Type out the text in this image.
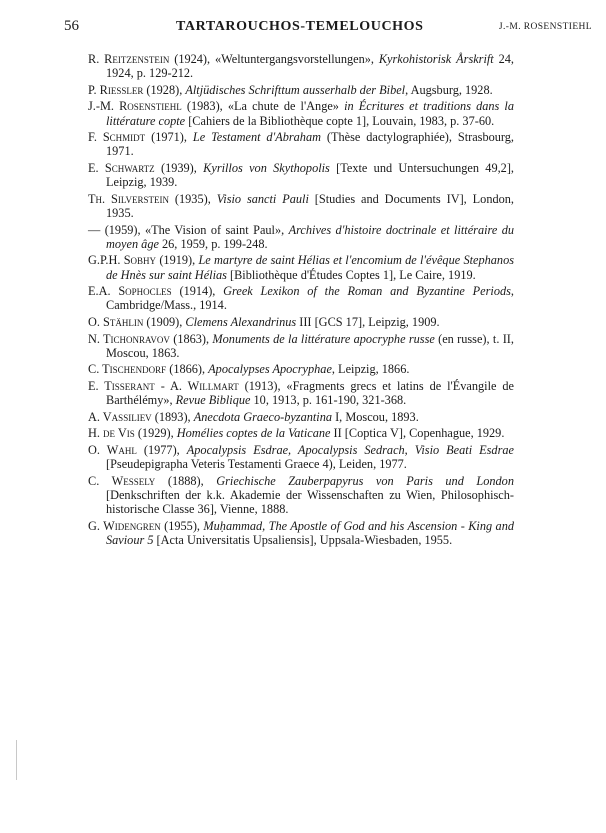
56	TARTAROUCHOS-TEMELOUCHOS	J.-M. ROSENSTIEHL
R. Reitzenstein (1924), «Weltuntergangsvorstellungen», Kyrkohistorisk Årskrift 24, 1924, p. 129-212.
P. Riessler (1928), Altjüdisches Schrifttum ausserhalb der Bibel, Augsburg, 1928.
J.-M. Rosenstiehl (1983), «La chute de l'Ange» in Écritures et traditions dans la littérature copte [Cahiers de la Bibliothèque copte 1], Louvain, 1983, p. 37-60.
F. Schmidt (1971), Le Testament d'Abraham (Thèse dactylographiée), Strasbourg, 1971.
E. Schwartz (1939), Kyrillos von Skythopolis [Texte und Untersuchungen 49,2], Leipzig, 1939.
Th. Silverstein (1935), Visio sancti Pauli [Studies and Documents IV], London, 1935.
— (1959), «The Vision of saint Paul», Archives d'histoire doctrinale et littéraire du moyen âge 26, 1959, p. 199-248.
G.P.H. Sobhy (1919), Le martyre de saint Hélias et l'encomium de l'évêque Stephanos de Hnès sur saint Hélias [Bibliothèque d'Études Coptes 1], Le Caire, 1919.
E.A. Sophocles (1914), Greek Lexikon of the Roman and Byzantine Periods, Cambridge/Mass., 1914.
O. Stählin (1909), Clemens Alexandrinus III [GCS 17], Leipzig, 1909.
N. Tichonravov (1863), Monuments de la littérature apocryphe russe (en russe), t. II, Moscou, 1863.
C. Tischendorf (1866), Apocalypses Apocryphae, Leipzig, 1866.
E. Tisserant - A. Willmart (1913), «Fragments grecs et latins de l'Évangile de Barthélémy», Revue Biblique 10, 1913, p. 161-190, 321-368.
A. Vassiliev (1893), Anecdota Graeco-byzantina I, Moscou, 1893.
H. de Vis (1929), Homélies coptes de la Vaticane II [Coptica V], Copenhague, 1929.
O. Wahl (1977), Apocalypsis Esdrae, Apocalypsis Sedrach, Visio Beati Esdrae [Pseudepigrapha Veteris Testamenti Graece 4), Leiden, 1977.
C. Wessely (1888), Griechische Zauberpapyrus von Paris und London [Denkschriften der k.k. Akademie der Wissenschaften zu Wien, Philosophisch-historische Classe 36], Vienne, 1888.
G. Widengren (1955), Muḥammad, The Apostle of God and his Ascension - King and Saviour 5 [Acta Universitatis Upsaliensis], Uppsala-Wiesbaden, 1955.
